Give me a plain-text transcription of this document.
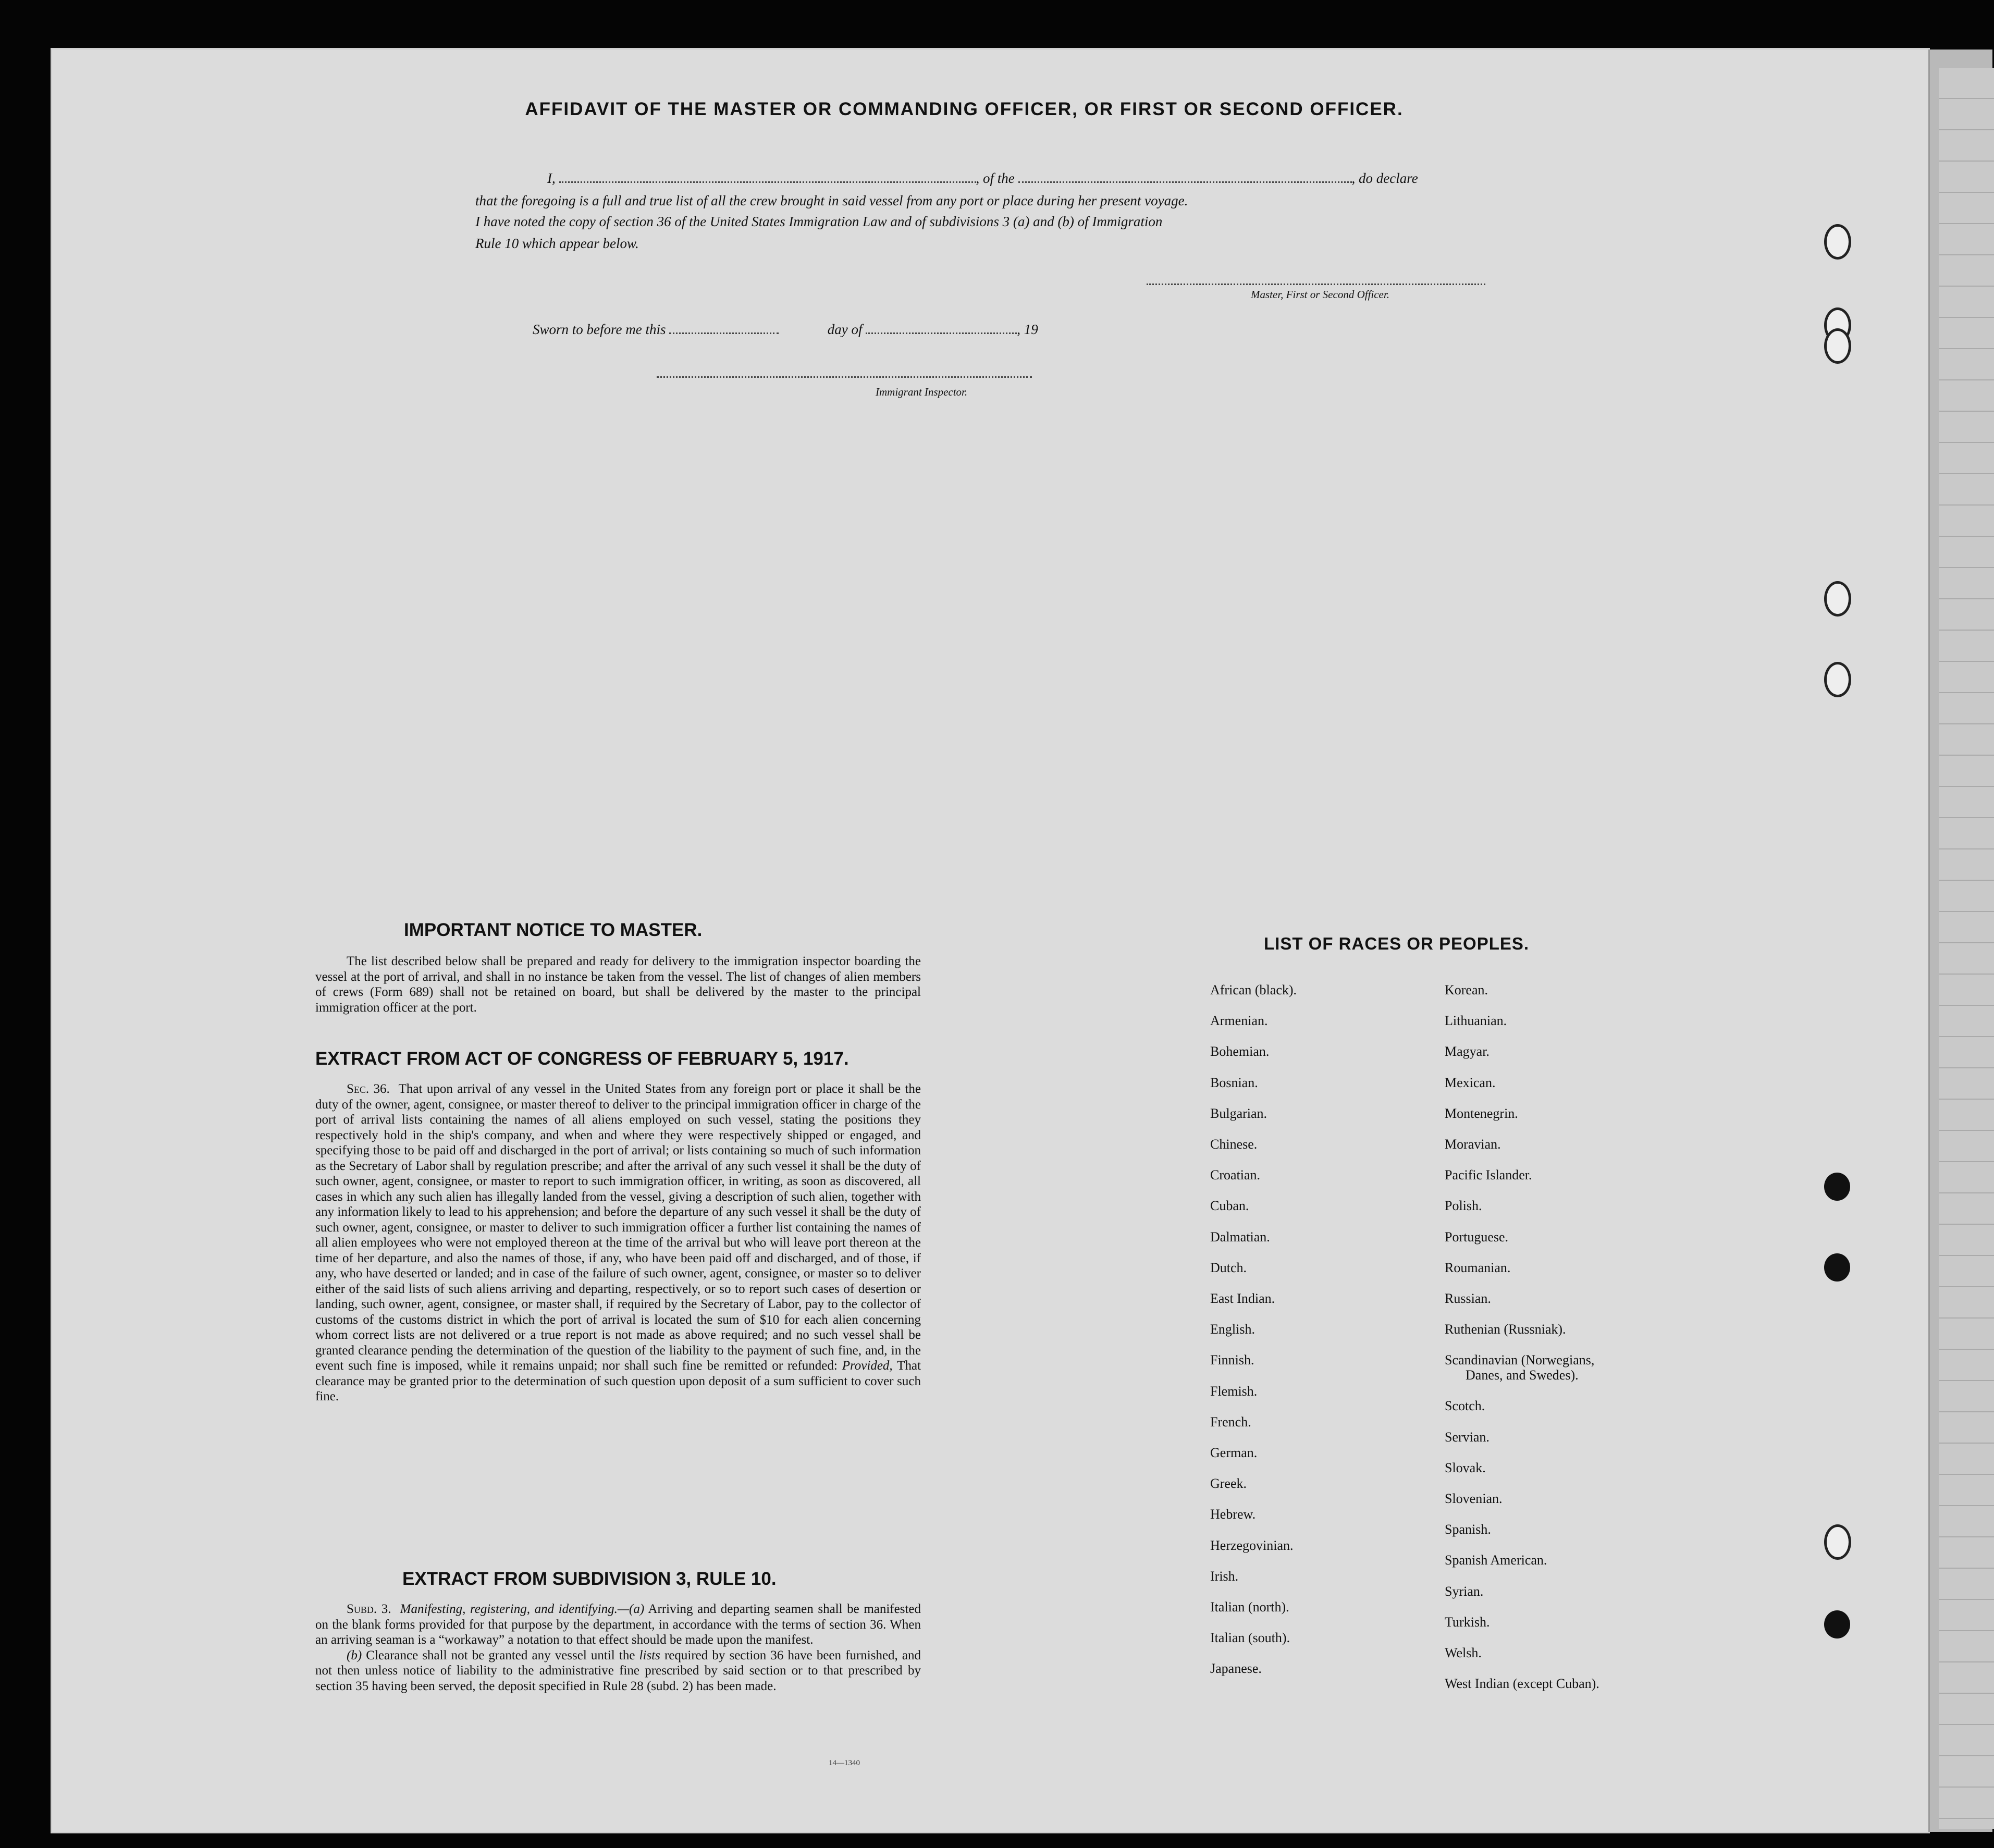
AFFIDAVIT OF THE MASTER OR COMMANDING OFFICER, OR FIRST OR SECOND OFFICER.
I,	, of the	, do declare
that the foregoing is a full and true list of all the crew brought in said vessel from any port or place during her present voyage.
I have noted the copy of section 36 of the United States Immigration Law and of subdivisions 3 (a) and (b) of Immigration
Rule 10 which appear below.
Master, First or Second Officer.
Sworn to before me this	day of	, 19
Immigrant Inspector.
IMPORTANT NOTICE TO MASTER.

The list described below shall be prepared and ready for delivery to the immigration inspector boarding the vessel at the port of arrival, and shall in no instance be taken from the vessel. The list of changes of alien members of crews (Form 689) shall not be retained on board, but shall be delivered by the master to the principal immigration officer at the port.

EXTRACT FROM ACT OF CONGRESS OF FEBRUARY 5, 1917.

Sec. 36. That upon arrival of any vessel in the United States from any foreign port or place it shall be the duty of the owner, agent, consignee, or master thereof to deliver to the principal immigration officer in charge of the port of arrival lists containing the names of all aliens employed on such vessel, stating the positions they respectively hold in the ship's company, and when and where they were respectively shipped or engaged, and specifying those to be paid off and discharged in the port of arrival; or lists containing so much of such information as the Secretary of Labor shall by regulation prescribe; and after the arrival of any such vessel it shall be the duty of such owner, agent, consignee, or master to report to such immigration officer, in writing, as soon as discovered, all cases in which any such alien has illegally landed from the vessel, giving a description of such alien, together with any information likely to lead to his apprehension; and before the departure of any such vessel it shall be the duty of such owner, agent, consignee, or master to deliver to such immigration officer a further list containing the names of all alien employees who were not employed thereon at the time of the arrival but who will leave port thereon at the time of her departure, and also the names of those, if any, who have been paid off and discharged, and of those, if any, who have deserted or landed; and in case of the failure of such owner, agent, consignee, or master so to deliver either of the said lists of such aliens arriving and departing, respectively, or so to report such cases of desertion or landing, such owner, agent, consignee, or master shall, if required by the Secretary of Labor, pay to the collector of customs of the customs district in which the port of arrival is located the sum of $10 for each alien concerning whom correct lists are not delivered or a true report is not made as above required; and no such vessel shall be granted clearance pending the determination of the question of the liability to the payment of such fine, and, in the event such fine is imposed, while it remains unpaid; nor shall such fine be remitted or refunded: Provided, That clearance may be granted prior to the determination of such question upon deposit of a sum sufficient to cover such fine.

EXTRACT FROM SUBDIVISION 3, RULE 10.

Subd. 3. Manifesting, registering, and identifying.—(a) Arriving and departing seamen shall be manifested on the blank forms provided for that purpose by the department, in accordance with the terms of section 36. When an arriving seaman is a “workaway” a notation to that effect should be made upon the manifest.

(b) Clearance shall not be granted any vessel until the lists required by section 36 have been furnished, and not then unless notice of liability to the administrative fine prescribed by said section or to that prescribed by section 35 having been served, the deposit specified in Rule 28 (subd. 2) has been made.

14—1340
LIST OF RACES OR PEOPLES.
African (black).
Armenian.
Bohemian.
Bosnian.
Bulgarian.
Chinese.
Croatian.
Cuban.
Dalmatian.
Dutch.
East Indian.
English.
Finnish.
Flemish.
French.
German.
Greek.
Hebrew.
Herzegovinian.
Irish.
Italian (north).
Italian (south).
Japanese.
Korean.
Lithuanian.
Magyar.
Mexican.
Montenegrin.
Moravian.
Pacific Islander.
Polish.
Portuguese.
Roumanian.
Russian.
Ruthenian (Russniak).
Scandinavian (Norwegians,
Danes, and Swedes).
Scotch.
Servian.
Slovak.
Slovenian.
Spanish.
Spanish American.
Syrian.
Turkish.
Welsh.
West Indian (except Cuban).
